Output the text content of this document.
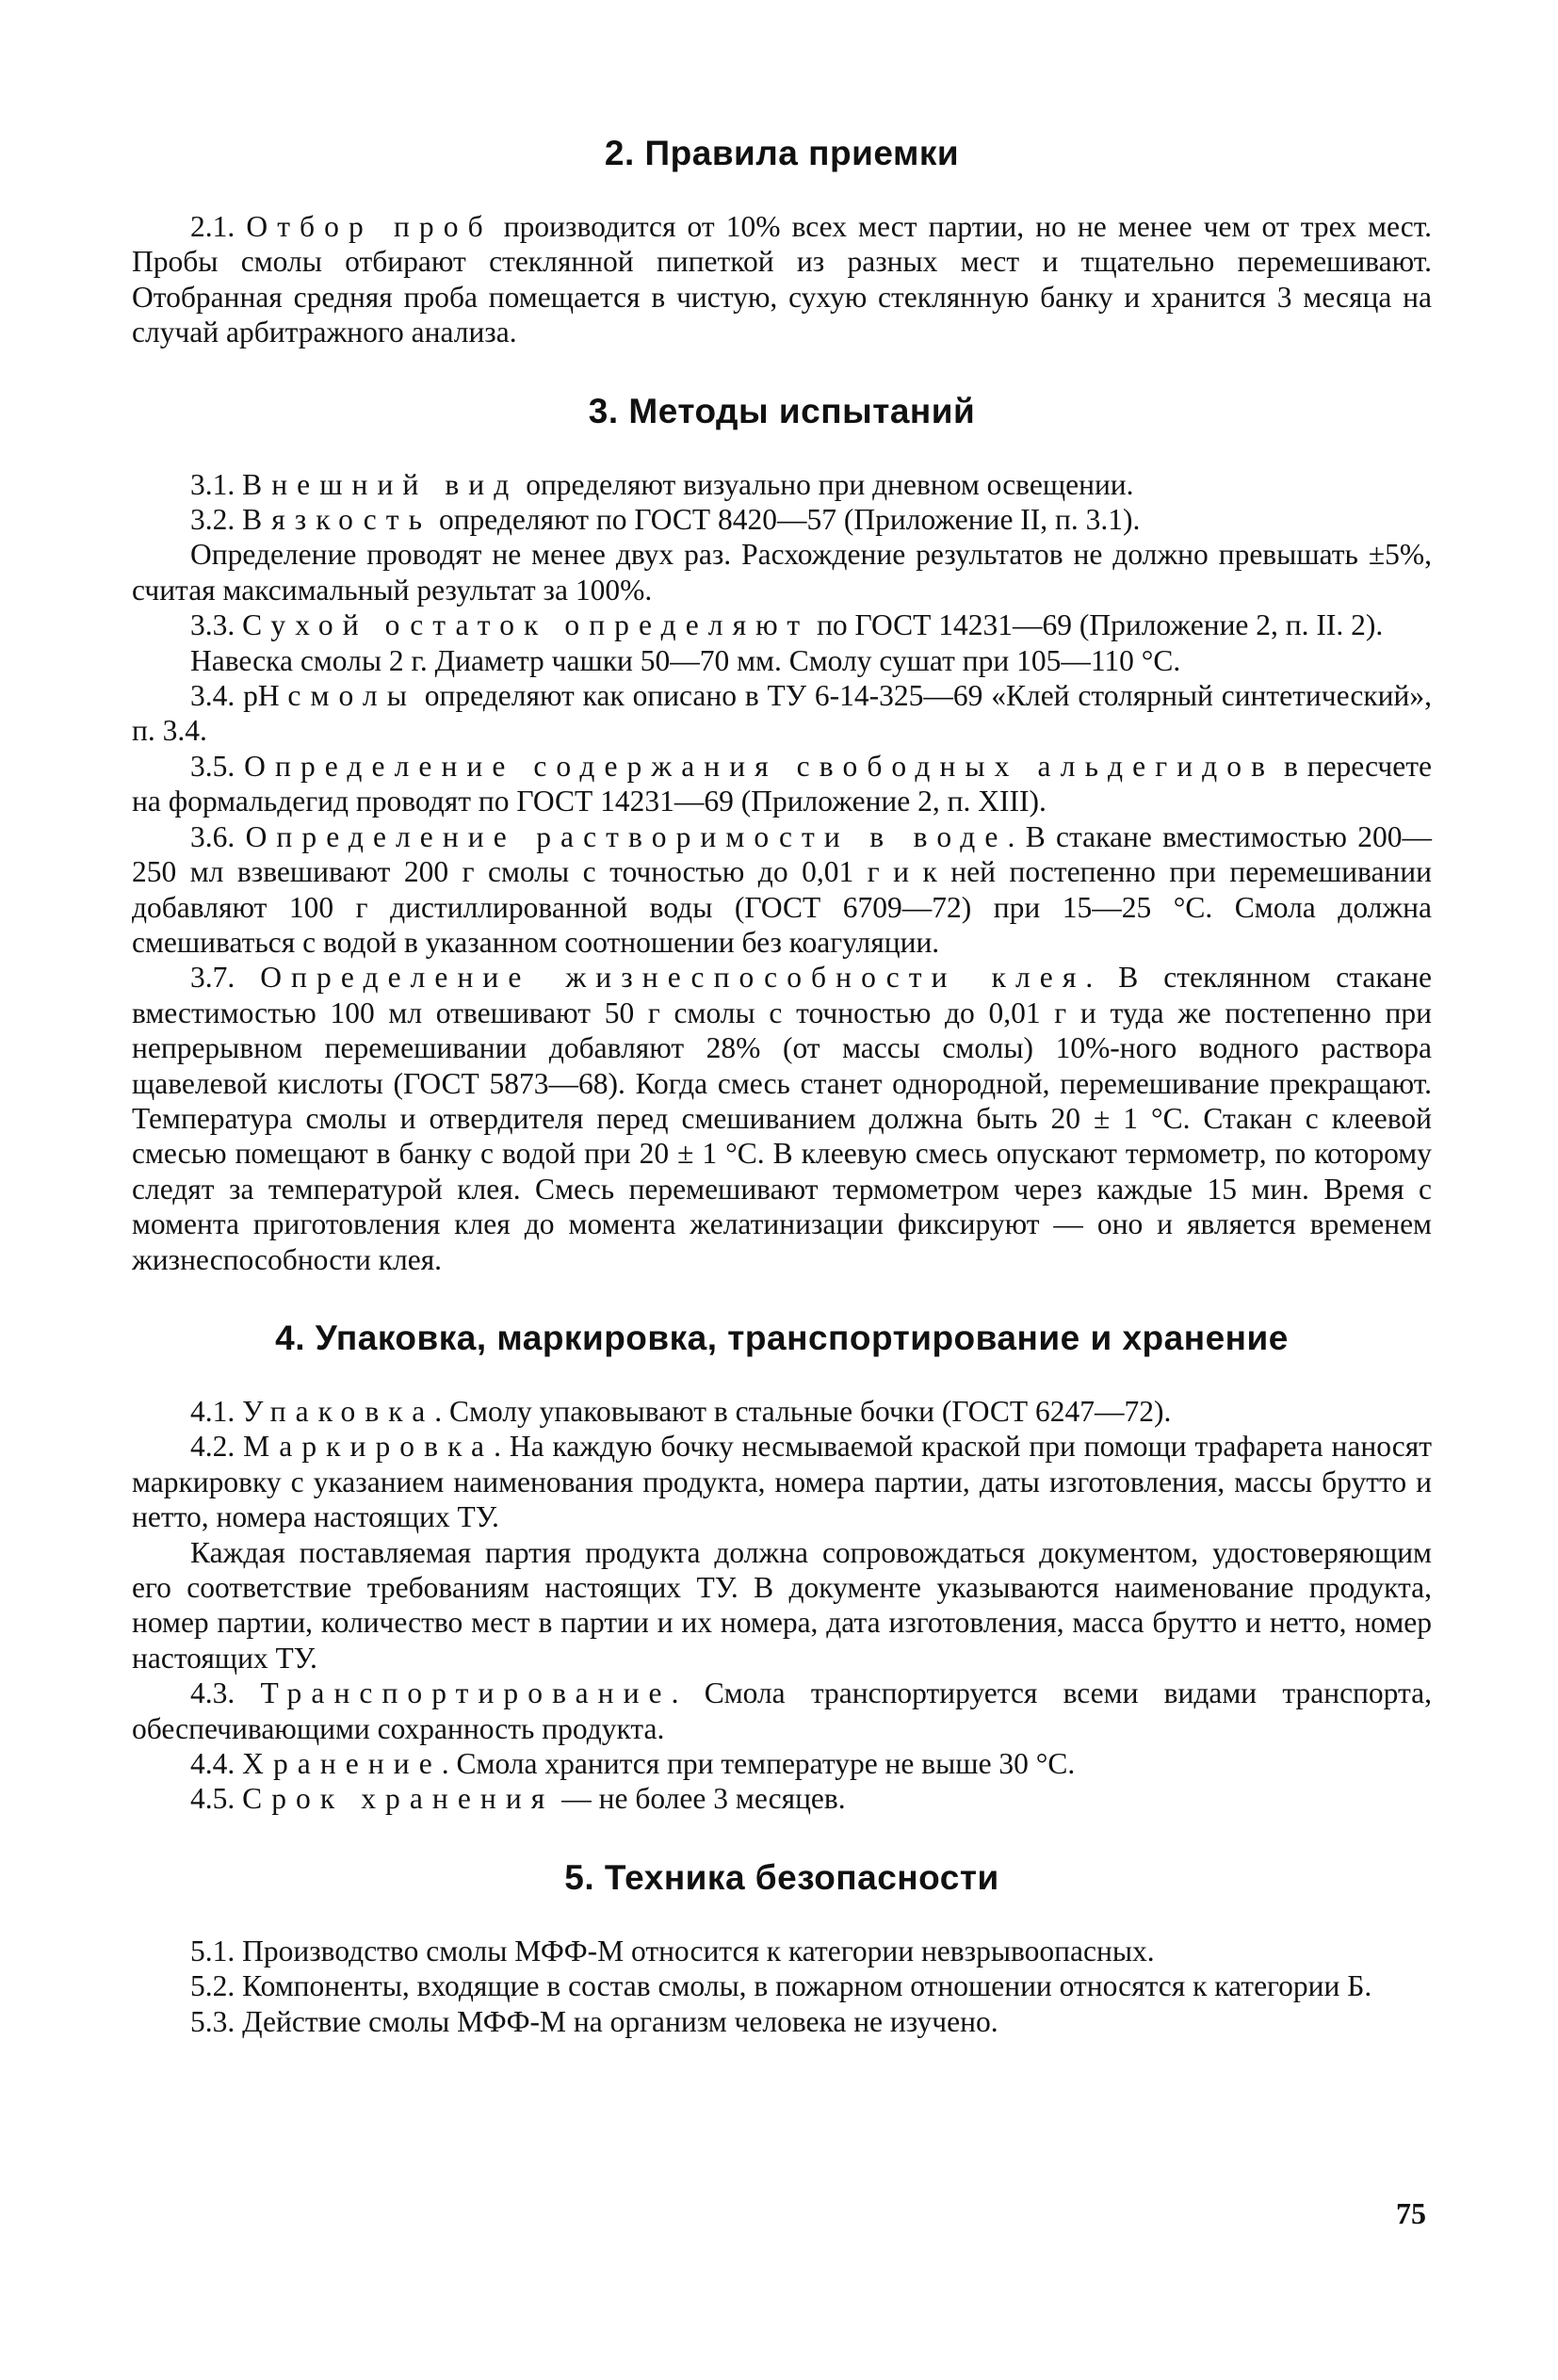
2. Правила приемки

2.1. Отбор проб производится от 10% всех мест партии, но не менее чем от трех мест. Пробы смолы отбирают стеклянной пипеткой из разных мест и тщательно перемешивают. Отобранная средняя проба помещается в чистую, сухую стеклянную банку и хранится 3 месяца на случай арбитражного анализа.

3. Методы испытаний

3.1. Внешний вид определяют визуально при дневном освещении.

3.2. Вязкость определяют по ГОСТ 8420—57 (Приложение II, п. 3.1).

Определение проводят не менее двух раз. Расхождение результатов не должно превышать ±5%, считая максимальный результат за 100%.

3.3. Сухой остаток определяют по ГОСТ 14231—69 (Приложение 2, п. II. 2).

Навеска смолы 2 г. Диаметр чашки 50—70 мм. Смолу сушат при 105—110 °С.

3.4. pH смолы определяют как описано в ТУ 6-14-325—69 «Клей столярный синтетический», п. 3.4.

3.5. Определение содержания свободных альдегидов в пересчете на формальдегид проводят по ГОСТ 14231—69 (Приложение 2, п. XIII).

3.6. Определение растворимости в воде. В стакане вместимостью 200—250 мл взвешивают 200 г смолы с точностью до 0,01 г и к ней постепенно при перемешивании добавляют 100 г дистиллированной воды (ГОСТ 6709—72) при 15—25 °С. Смола должна смешиваться с водой в указанном соотношении без коагуляции.

3.7. Определение жизнеспособности клея. В стеклянном стакане вместимостью 100 мл отвешивают 50 г смолы с точностью до 0,01 г и туда же постепенно при непрерывном перемешивании добавляют 28% (от массы смолы) 10%-ного водного раствора щавелевой кислоты (ГОСТ 5873—68). Когда смесь станет однородной, перемешивание прекращают. Температура смолы и отвердителя перед смешиванием должна быть 20 ± 1 °С. Стакан с клеевой смесью помещают в банку с водой при 20 ± 1 °С. В клеевую смесь опускают термометр, по которому следят за температурой клея. Смесь перемешивают термометром через каждые 15 мин. Время с момента приготовления клея до момента желатинизации фиксируют — оно и является временем жизнеспособности клея.

4. Упаковка, маркировка, транспортирование и хранение

4.1. Упаковка. Смолу упаковывают в стальные бочки (ГОСТ 6247—72).

4.2. Маркировка. На каждую бочку несмываемой краской при помощи трафарета наносят маркировку с указанием наименования продукта, номера партии, даты изготовления, массы брутто и нетто, номера настоящих ТУ.

Каждая поставляемая партия продукта должна сопровождаться документом, удостоверяющим его соответствие требованиям настоящих ТУ. В документе указываются наименование продукта, номер партии, количество мест в партии и их номера, дата изготовления, масса брутто и нетто, номер настоящих ТУ.

4.3. Транспортирование. Смола транспортируется всеми видами транспорта, обеспечивающими сохранность продукта.

4.4. Хранение. Смола хранится при температуре не выше 30 °С.

4.5. Срок хранения — не более 3 месяцев.

5. Техника безопасности

5.1. Производство смолы МФФ-М относится к категории невзрывоопасных.

5.2. Компоненты, входящие в состав смолы, в пожарном отношении относятся к категории Б.

5.3. Действие смолы МФФ-М на организм человека не изучено.

75
